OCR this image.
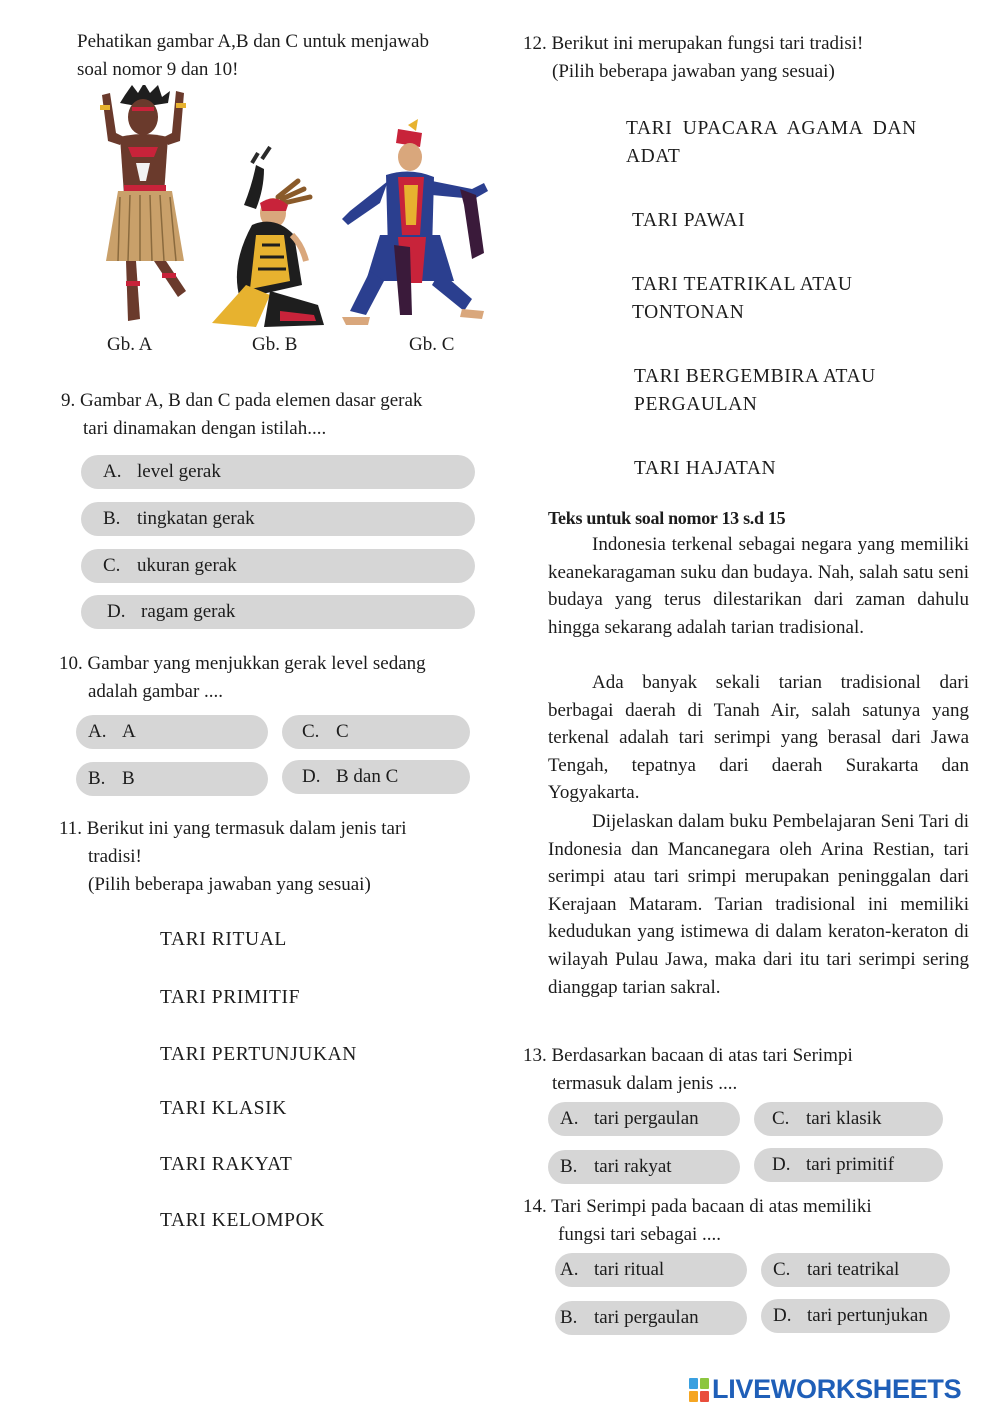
Pehatikan gambar A,B dan C untuk menjawab
soal nomor 9 dan 10!
Gb. A	Gb. B	Gb. C
9. Gambar A, B dan C pada elemen dasar gerak
tari dinamakan dengan istilah....
A. level gerak
B. tingkatan gerak
C. ukuran gerak
D. ragam gerak
10. Gambar yang menjukkan gerak level sedang
adalah gambar ....
A. A	C. C
B. B	D. B dan C
11. Berikut ini yang termasuk dalam jenis tari
tradisi!
(Pilih beberapa jawaban yang sesuai)
TARI RITUAL
TARI PRIMITIF
TARI PERTUNJUKAN
TARI KLASIK
TARI RAKYAT
TARI KELOMPOK
12. Berikut ini merupakan fungsi tari tradisi!
(Pilih beberapa jawaban yang sesuai)
TARI UPACARA AGAMA DAN
ADAT
TARI PAWAI
TARI TEATRIKAL ATAU
TONTONAN
TARI BERGEMBIRA ATAU
PERGAULAN
TARI HAJATAN
Teks untuk soal nomor 13 s.d 15
Indonesia terkenal sebagai negara yang memiliki keanekaragaman suku dan budaya. Nah, salah satu seni budaya yang terus dilestarikan dari zaman dahulu hingga sekarang adalah tarian tradisional.
Ada banyak sekali tarian tradisional dari berbagai daerah di Tanah Air, salah satunya yang terkenal adalah tari serimpi yang berasal dari Jawa Tengah, tepatnya dari daerah Surakarta dan Yogyakarta.
Dijelaskan dalam buku Pembelajaran Seni Tari di Indonesia dan Mancanegara oleh Arina Restian, tari serimpi atau tari srimpi merupakan peninggalan dari Kerajaan Mataram. Tarian tradisional ini memiliki kedudukan yang istimewa di dalam keraton-keraton di wilayah Pulau Jawa, maka dari itu tari serimpi sering dianggap tarian sakral.
13. Berdasarkan bacaan di atas tari Serimpi
termasuk dalam jenis ....
A. tari pergaulan	C. tari klasik
B. tari rakyat	D. tari primitif
14. Tari Serimpi pada bacaan di atas memiliki
fungsi tari sebagai ....
A. tari ritual	C. tari teatrikal
B. tari pergaulan	D. tari pertunjukan
LIVEWORKSHEETS
